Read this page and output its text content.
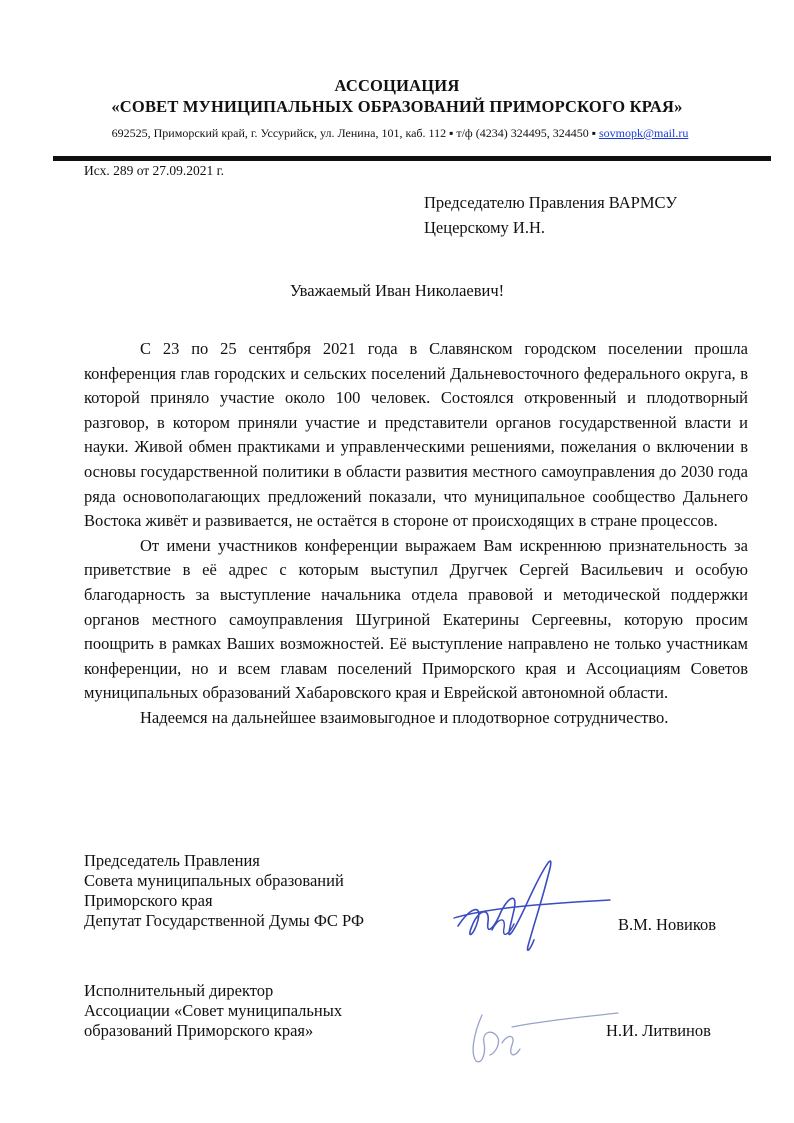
АССОЦИАЦИЯ
«СОВЕТ МУНИЦИПАЛЬНЫХ ОБРАЗОВАНИЙ ПРИМОРСКОГО КРАЯ»
692525, Приморский край, г. Уссурийск, ул. Ленина, 101, каб. 112 ▪ т/ф (4234) 324495, 324450 ▪ sovmopk@mail.ru
Исх. 289 от 27.09.2021 г.
Председателю Правления ВАРМСУ
Цецерскому И.Н.
Уважаемый Иван Николаевич!

С 23 по 25 сентября 2021 года в Славянском городском поселении прошла конференция глав городских и сельских поселений Дальневосточного федерального округа, в которой приняло участие около 100 человек. Состоялся откровенный и плодотворный разговор, в котором приняли участие и представители органов государственной власти и науки. Живой обмен практиками и управленческими решениями, пожелания о включении в основы государственной политики в области развития местного самоуправления до 2030 года ряда основополагающих предложений показали, что муниципальное сообщество Дальнего Востока живёт и развивается, не остаётся в стороне от происходящих в стране процессов.

От имени участников конференции выражаем Вам искреннюю признательность за приветствие в её адрес с которым выступил Другчек Сергей Васильевич и особую благодарность за выступление начальника отдела правовой и методической поддержки органов местного самоуправления Шугриной Екатерины Сергеевны, которую просим поощрить в рамках Ваших возможностей. Её выступление направлено не только участникам конференции, но и всем главам поселений Приморского края и Ассоциациям Советов муниципальных образований Хабаровского края и Еврейской автономной области.

Надеемся на дальнейшее взаимовыгодное и плодотворное сотрудничество.

Председатель Правления
Совета муниципальных образований
Приморского края
Депутат Государственной Думы ФС РФ	В.М. Новиков
Исполнительный директор
Ассоциации «Совет муниципальных
образований Приморского края»	Н.И. Литвинов
